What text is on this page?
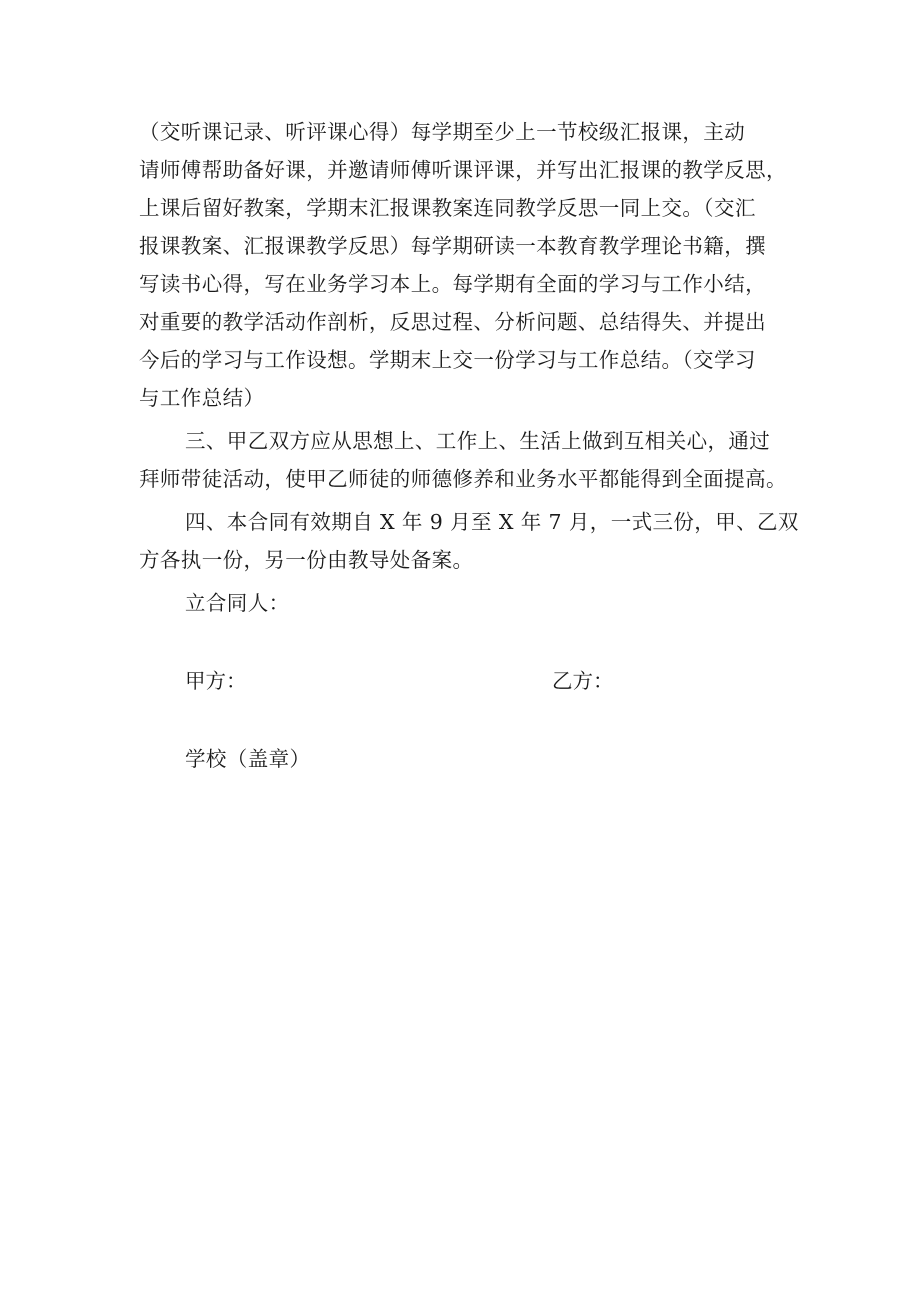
（交听课记录、听评课心得）每学期至少上一节校级汇报课，主动
请师傅帮助备好课，并邀请师傅听课评课，并写出汇报课的教学反思，
上课后留好教案，学期末汇报课教案连同教学反思一同上交。（交汇
报课教案、汇报课教学反思）每学期研读一本教育教学理论书籍，撰
写读书心得，写在业务学习本上。每学期有全面的学习与工作小结，
对重要的教学活动作剖析，反思过程、分析问题、总结得失、并提出
今后的学习与工作设想。学期末上交一份学习与工作总结。（交学习
与工作总结）
三、甲乙双方应从思想上、工作上、生活上做到互相关心，通过
拜师带徒活动，使甲乙师徒的师德修养和业务水平都能得到全面提高。
四、本合同有效期自 X 年 9 月至 X 年 7 月，一式三份，甲、乙双
方各执一份，另一份由教导处备案。
立合同人：
甲方：	乙方：
学校（盖章）
